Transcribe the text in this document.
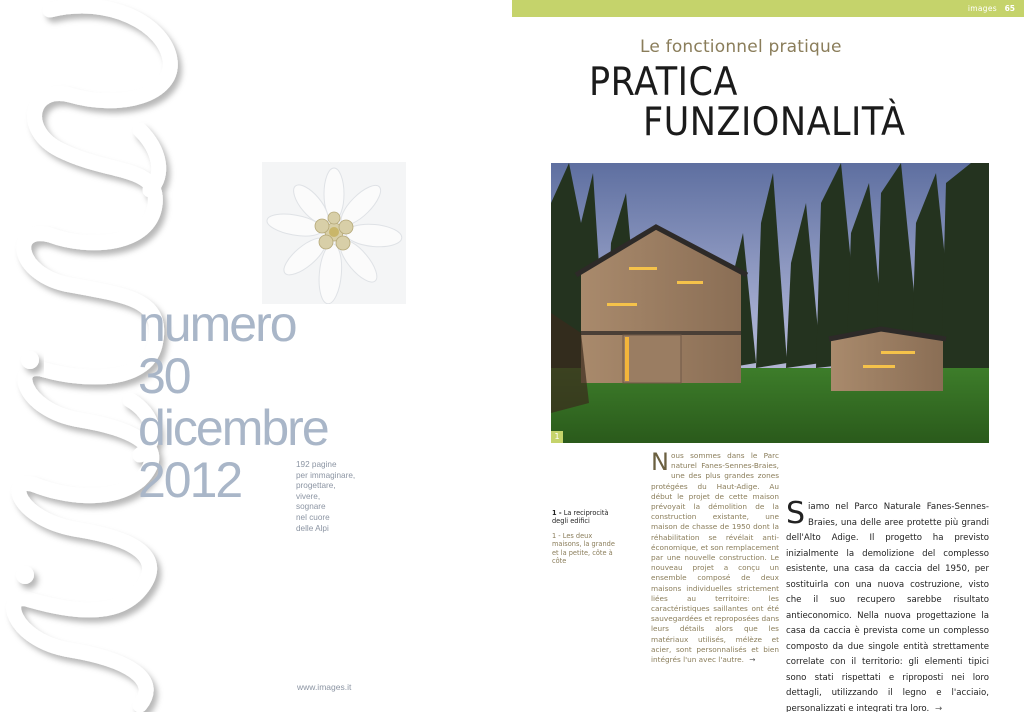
numero
30
dicembre
2012	192 pagine
per immaginare,
progettare,
vivere,
sognare
nel cuore
delle Alpi
www.images.it
images 65
Le fonctionnel pratique
PRATICA
FUNZIONALITÀ
1
1 - La reciprocità degli edifici
1 - Les deux maisons, la grande et la petite, côte à côte
Nous sommes dans le Parc naturel Fanes-Sennes-Braies, une des plus grandes zones protégées du Haut-Adige. Au début le projet de cette maison prévoyait la démolition de la construction existante, une maison de chasse de 1950 dont la réhabilitation se révélait anti-économique, et son remplacement par une nouvelle construction. Le nouveau projet a conçu un ensemble composé de deux maisons individuelles strictement liées au territoire: les caractéristiques saillantes ont été sauvegardées et reproposées dans leurs détails alors que les matériaux utilisés, mélèze et acier, sont personnalisés et bien intégrés l'un avec l'autre. →
Siamo nel Parco Naturale Fanes-Sennes-Braies, una delle aree protette più grandi dell'Alto Adige. Il progetto ha previsto inizialmente la demolizione del complesso esistente, una casa da caccia del 1950, per sostituirla con una nuova costruzione, visto che il suo recupero sarebbe risultato antieconomico. Nella nuova progettazione la casa da caccia è prevista come un complesso composto da due singole entità strettamente correlate con il territorio: gli elementi tipici sono stati rispettati e riproposti nei loro dettagli, utilizzando il legno e l'acciaio, personalizzati e integrati tra loro. →
